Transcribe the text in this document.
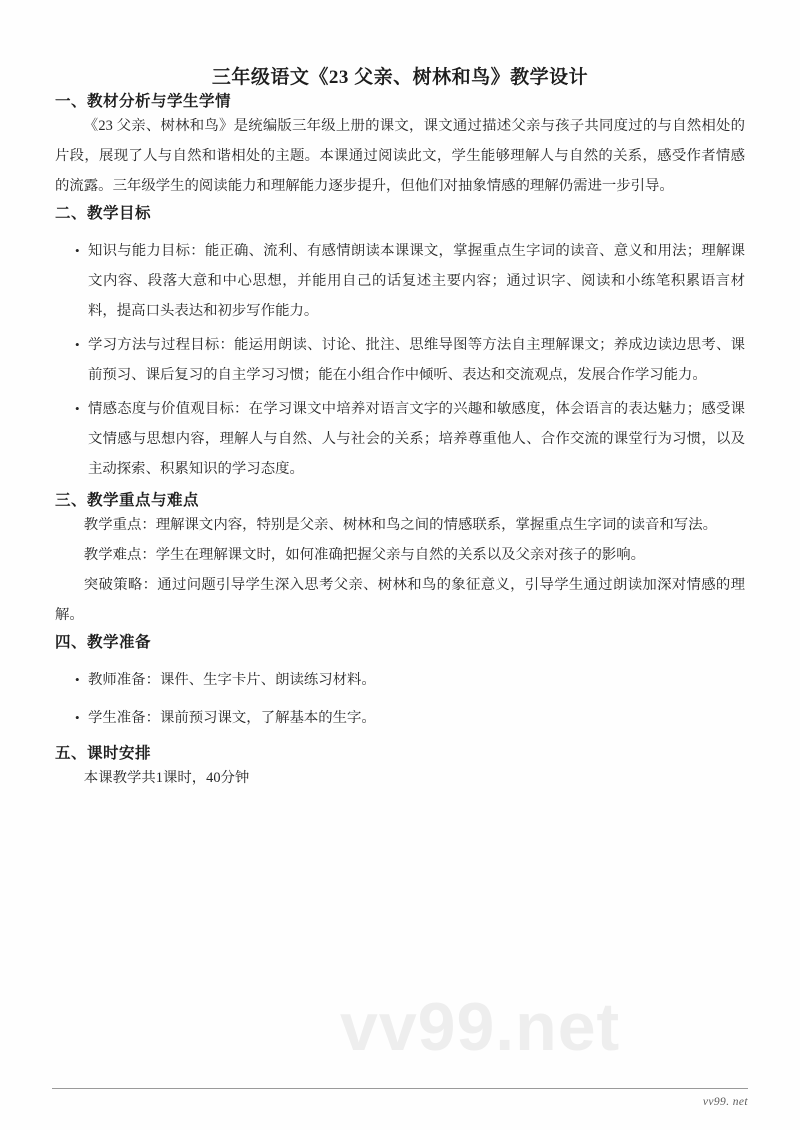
vv99.net
三年级语文《23 父亲、树林和鸟》教学设计
一、教材分析与学生学情

《23 父亲、树林和鸟》是统编版三年级上册的课文，课文通过描述父亲与孩子共同度过的与自然相处的片段，展现了人与自然和谐相处的主题。本课通过阅读此文，学生能够理解人与自然的关系，感受作者情感的流露。三年级学生的阅读能力和理解能力逐步提升，但他们对抽象情感的理解仍需进一步引导。

二、教学目标
• 知识与能力目标：能正确、流利、有感情朗读本课课文，掌握重点生字词的读音、意义和用法；理解课文内容、段落大意和中心思想，并能用自己的话复述主要内容；通过识字、阅读和小练笔积累语言材料，提高口头表达和初步写作能力。
• 学习方法与过程目标：能运用朗读、讨论、批注、思维导图等方法自主理解课文；养成边读边思考、课前预习、课后复习的自主学习习惯；能在小组合作中倾听、表达和交流观点，发展合作学习能力。
• 情感态度与价值观目标：在学习课文中培养对语言文字的兴趣和敏感度，体会语言的表达魅力；感受课文情感与思想内容，理解人与自然、人与社会的关系；培养尊重他人、合作交流的课堂行为习惯，以及主动探索、积累知识的学习态度。
三、教学重点与难点

教学重点：理解课文内容，特别是父亲、树林和鸟之间的情感联系，掌握重点生字词的读音和写法。

教学难点：学生在理解课文时，如何准确把握父亲与自然的关系以及父亲对孩子的影响。

突破策略：通过问题引导学生深入思考父亲、树林和鸟的象征意义，引导学生通过朗读加深对情感的理解。

四、教学准备
• 教师准备：课件、生字卡片、朗读练习材料。
• 学生准备：课前预习课文，了解基本的生字。
五、课时安排

本课教学共1课时，40分钟

vv99. net
